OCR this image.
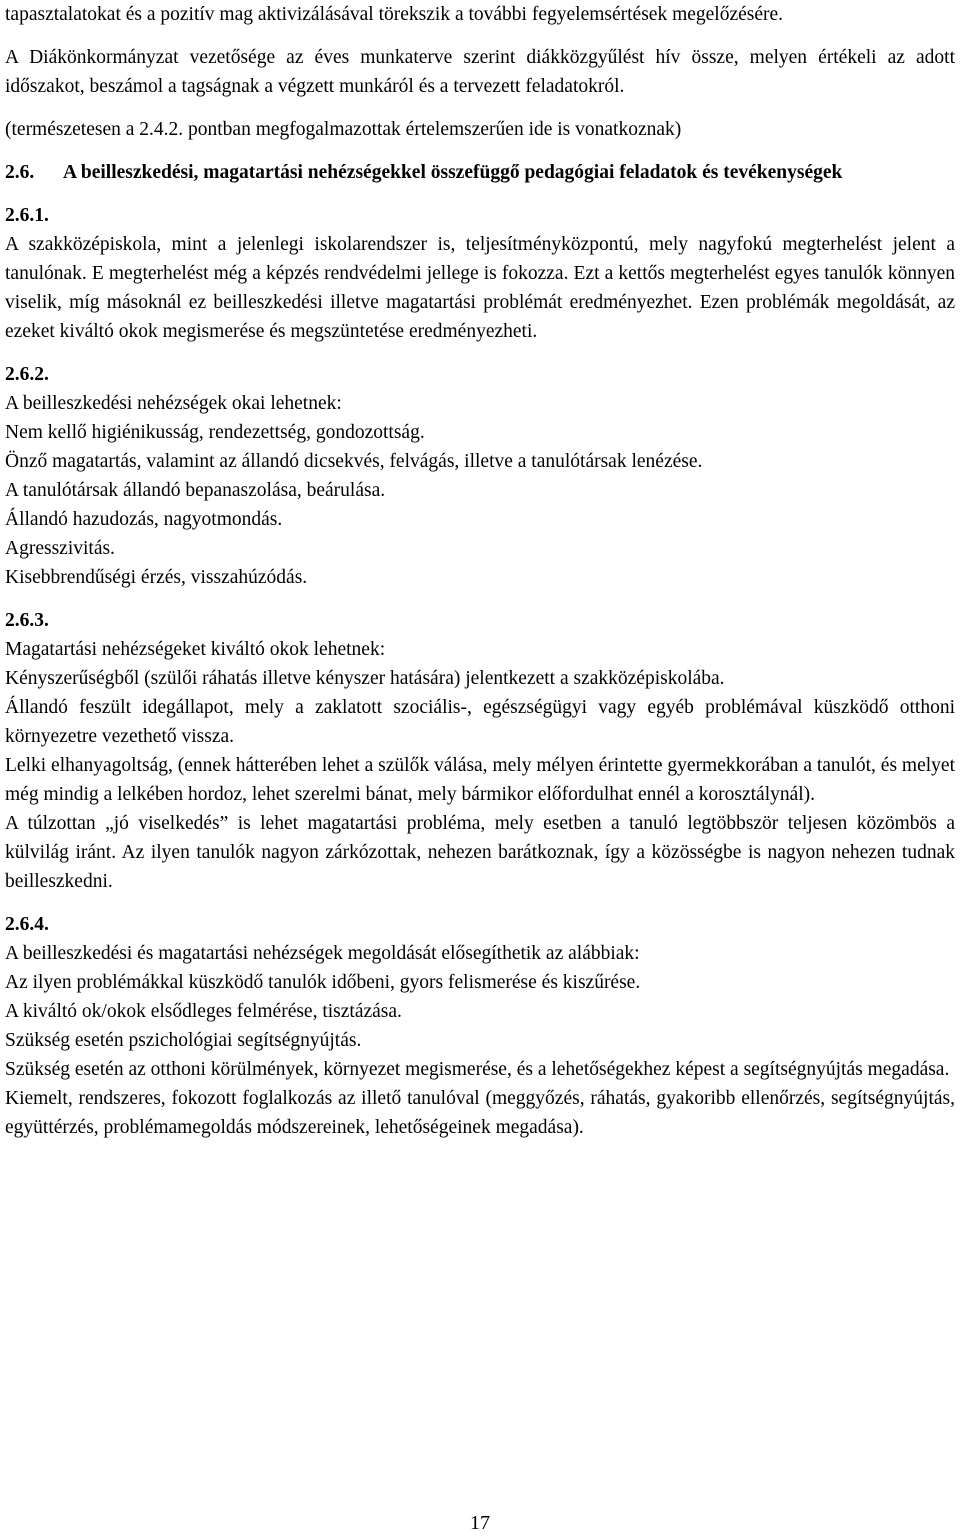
tapasztalatokat és a pozitív mag aktivizálásával törekszik a további fegyelemsértések megelőzésére.

A Diákönkormányzat vezetősége az éves munkaterve szerint diákközgyűlést hív össze, melyen értékeli az adott időszakot, beszámol a tagságnak a végzett munkáról és a tervezett feladatokról.

(természetesen a 2.4.2. pontban megfogalmazottak értelemszerűen ide is vonatkoznak)

2.6.	A beilleszkedési, magatartási nehézségekkel összefüggő pedagógiai feladatok és tevékenységek

2.6.1.

A szakközépiskola, mint a jelenlegi iskolarendszer is, teljesítményközpontú, mely nagyfokú megterhelést jelent a tanulónak. E megterhelést még a képzés rendvédelmi jellege is fokozza. Ezt a kettős megterhelést egyes tanulók könnyen viselik, míg másoknál ez beilleszkedési illetve magatartási problémát eredményezhet. Ezen problémák megoldását, az ezeket kiváltó okok megismerése és megszüntetése eredményezheti.

2.6.2.

A beilleszkedési nehézségek okai lehetnek:

Nem kellő higiénikusság, rendezettség, gondozottság.

Önző magatartás, valamint az állandó dicsekvés, felvágás, illetve a tanulótársak lenézése.

A tanulótársak állandó bepanaszolása, beárulása.

Állandó hazudozás, nagyotmondás.

Agresszivitás.

Kisebbrendűségi érzés, visszahúzódás.

2.6.3.

Magatartási nehézségeket kiváltó okok lehetnek:

Kényszerűségből (szülői ráhatás illetve kényszer hatására) jelentkezett a szakközépiskolába.

Állandó feszült idegállapot, mely a zaklatott szociális-, egészségügyi vagy egyéb problémával küszködő otthoni környezetre vezethető vissza.

Lelki elhanyagoltság, (ennek hátterében lehet a szülők válása, mely mélyen érintette gyermekkorában a tanulót, és melyet még mindig a lelkében hordoz, lehet szerelmi bánat, mely bármikor előfordulhat ennél a korosztálynál).

A túlzottan „jó viselkedés” is lehet magatartási probléma, mely esetben a tanuló legtöbbször teljesen közömbös a külvilág iránt. Az ilyen tanulók nagyon zárkózottak, nehezen barátkoznak, így a közösségbe is nagyon nehezen tudnak beilleszkedni.

2.6.4.

A beilleszkedési és magatartási nehézségek megoldását elősegíthetik az alábbiak:

Az ilyen problémákkal küszködő tanulók időbeni, gyors felismerése és kiszűrése.

A kiváltó ok/okok elsődleges felmérése, tisztázása.

Szükség esetén pszichológiai segítségnyújtás.

Szükség esetén az otthoni körülmények, környezet megismerése, és a lehetőségekhez képest a segítségnyújtás megadása.

Kiemelt, rendszeres, fokozott foglalkozás az illető tanulóval (meggyőzés, ráhatás, gyakoribb ellenőrzés, segítségnyújtás, együttérzés, problémamegoldás módszereinek, lehetőségeinek megadása).

17
